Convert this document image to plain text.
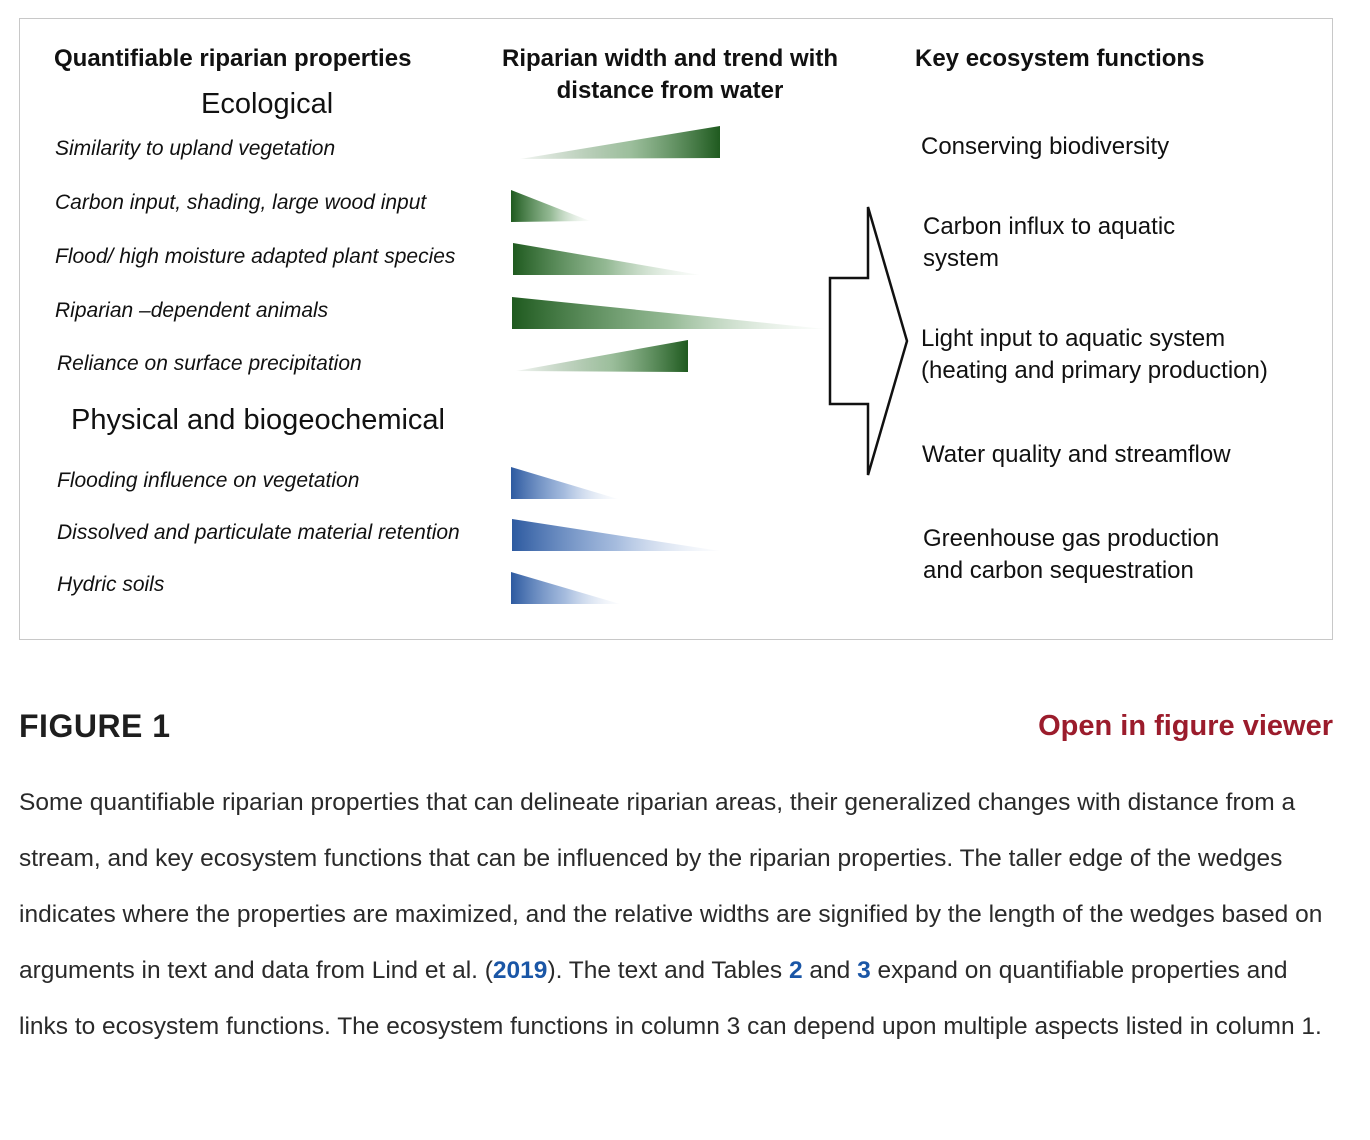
Quantifiable riparian properties	Riparian width and trend with
distance from water
Key ecosystem functions
Ecological
Similarity to upland vegetation
Carbon input, shading, large wood input
Flood/ high moisture adapted plant species
Riparian –dependent animals
Reliance on surface precipitation
Physical and biogeochemical
Flooding influence on vegetation
Dissolved and particulate material retention
Hydric soils
Conserving biodiversity
Carbon influx to aquatic
system
Light input to aquatic system
(heating and primary production)
Water quality and streamflow
Greenhouse gas production
and carbon sequestration
FIGURE 1	Open in figure viewer

Some quantifiable riparian properties that can delineate riparian areas, their generalized changes with distance from a stream, and key ecosystem functions that can be influenced by the riparian properties. The taller edge of the wedges indicates where the properties are maximized, and the relative widths are signified by the length of the wedges based on arguments in text and data from Lind et al. (2019). The text and Tables 2 and 3 expand on quantifiable properties and links to ecosystem functions. The ecosystem functions in column 3 can depend upon multiple aspects listed in column 1.
